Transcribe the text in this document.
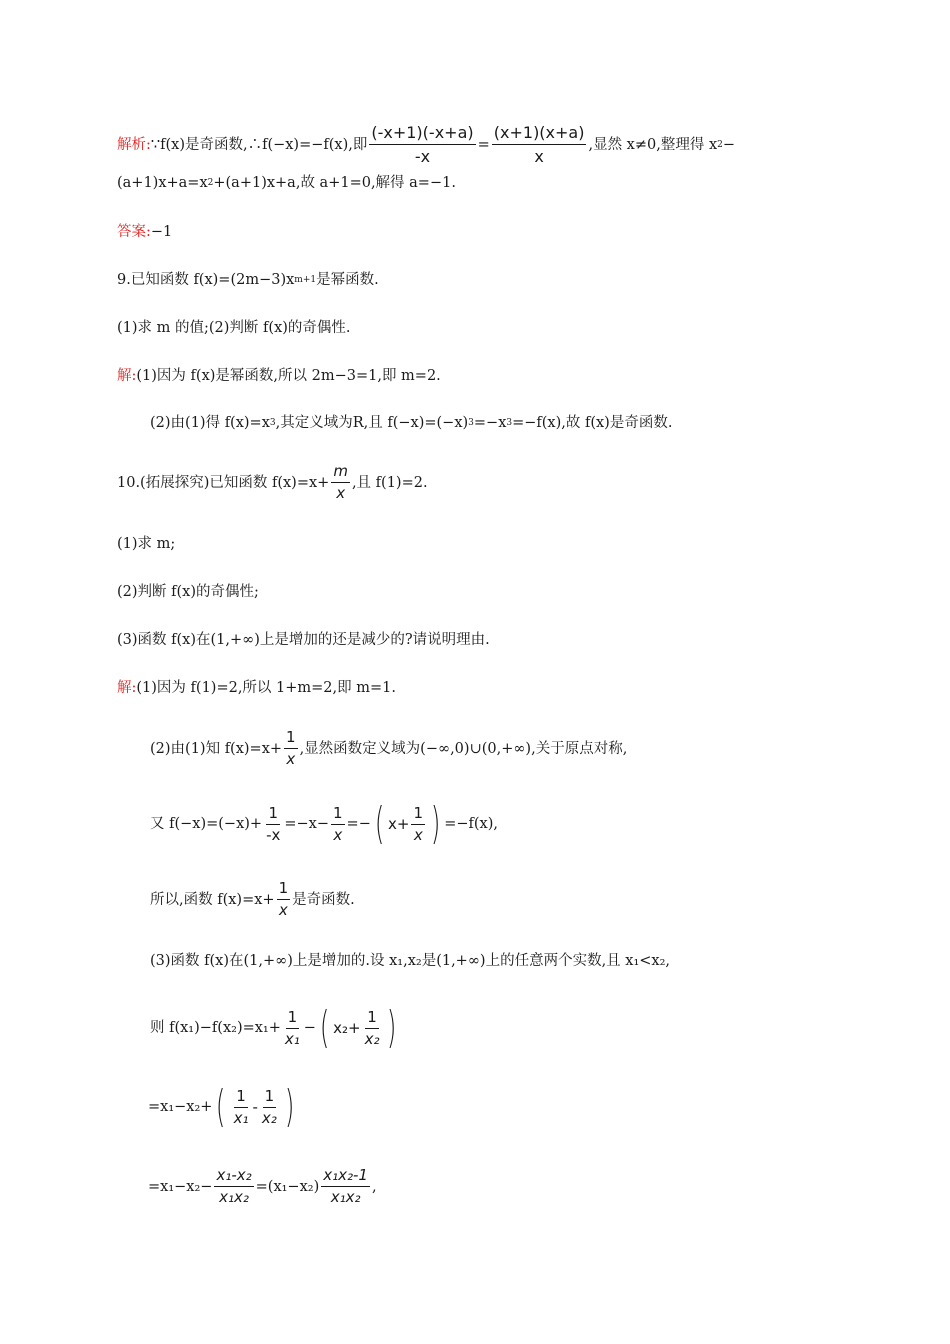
解析: ∵f(x)是奇函数,∴f(−x)=−f(x),即 $\frac{(-x+1)(-x+a)}{-x} = \frac{(x+1)(x+a)}{x}$ ,显然 x≠0,整理得 x 2 −
(a+1)x+a=x 2 +(a+1)x+a,故 a+1=0,解得 a=−1.
答案: −1
9.已知函数 f(x)=(2m−3)x m+1 是幂函数.
(1)求 m 的值;(2)判断 f(x)的奇偶性.
解: (1)因为 f(x)是幂函数,所以 2m−3=1,即 m=2.
(2)由(1)得 f(x)=x 3 ,其定义域为R,且 f(−x)=(−x) 3 =−x 3 =−f(x),故 f(x)是奇函数.
10.(拓展探究)已知函数 $f(x)=x+ \frac{m}{x}$ ,且 f(1)=2.
(1)求 m;
(2)判断 f(x)的奇偶性;
(3)函数 f(x)在(1,+∞)上是增加的还是减少的?请说明理由.
解: (1)因为 f(1)=2,所以 1+m=2,即 m=1.
(2)由(1)知 $f(x)=x+ \frac{1}{x}$ ,显然函数定义域为(−∞,0)∪(0,+∞),关于原点对称,
又 $f(-x)=(-x)+ \frac{1}{-x} =-x- \frac{1}{x}$ =− ( $x+ \frac{1}{x}$ ) =−f(x),
所以,函数 $f(x)=x+ \frac{1}{x}$ 是奇函数.
(3)函数 f(x)在(1,+∞)上是增加的.设 x₁,x₂是(1,+∞)上的任意两个实数,且 x₁<x₂,
则 $f(x_1)-f(x_2)=x_1+ \frac{1}{\text{x₁}}$ − ( $x_2+ \frac{1}{\text{x₂}}$ )
=x₁−x₂+ ( $\frac{1}{\text{x₁}} - \frac{1}{\text{x₂}}$ )
$=x_1-x_2- \frac{\text{x₁-x₂}}{\text{x₁x₂}} =(x_1-x_2) \frac{\text{x₁x₂-1}}{\text{x₁x₂}}$ ,
